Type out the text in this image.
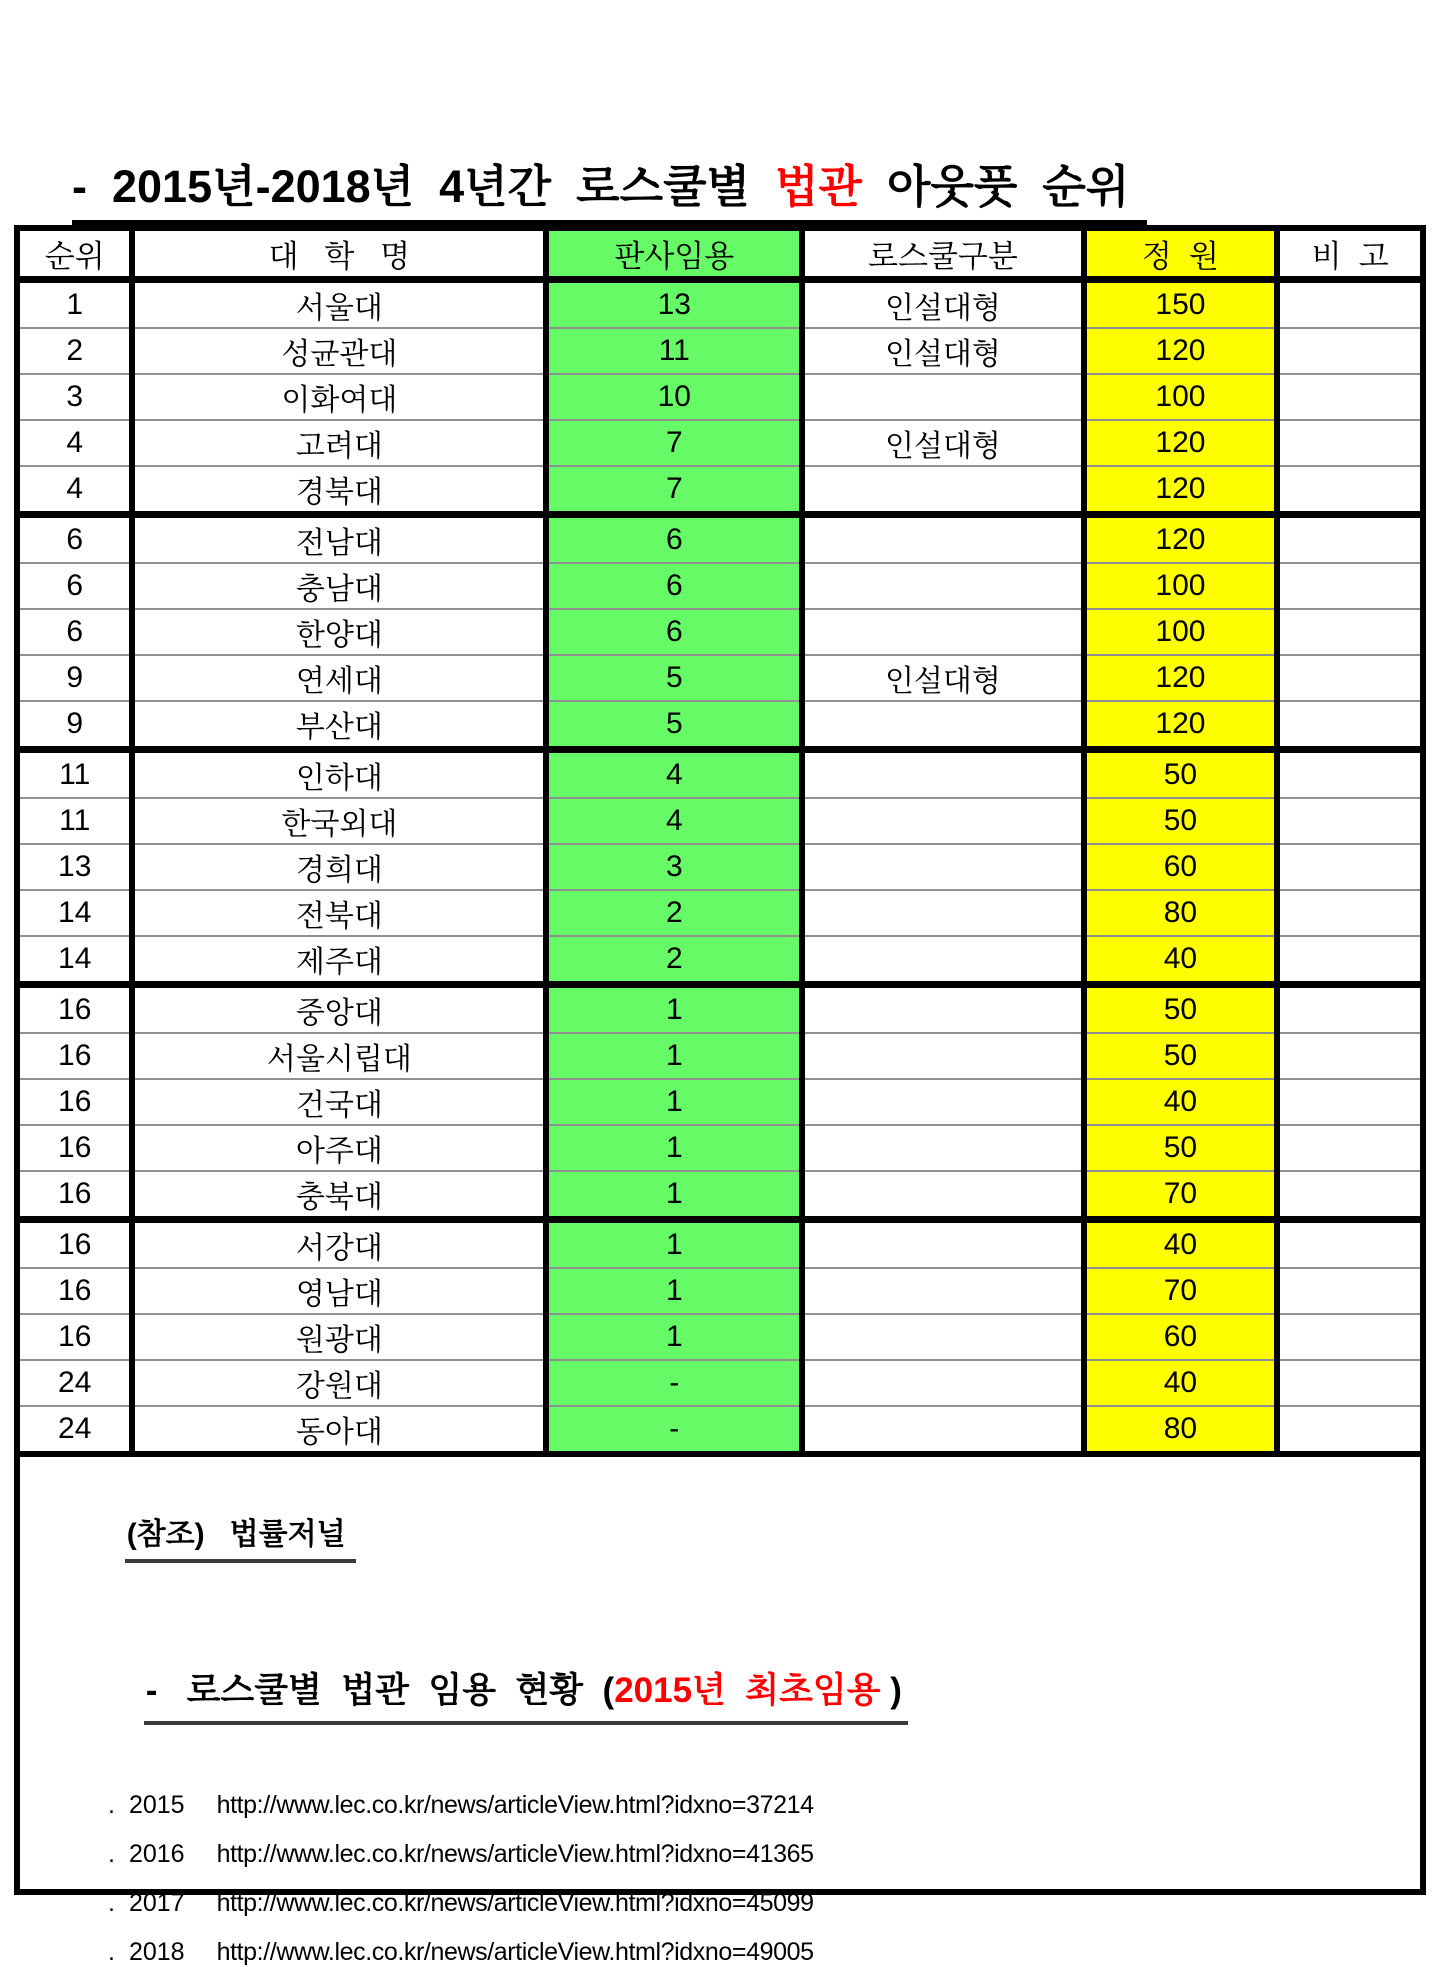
-  2015년-2018년  4년간  로스쿨별  법관  아웃풋  순위

순위	대   학   명	판사임용	로스쿨구분	정  원	비  고
1	서울대	13	인설대형	150	
2	성균관대	11	인설대형	120	
3	이화여대	10		100	
4	고려대	7	인설대형	120	
4	경북대	7		120	
6	전남대	6		120	
6	충남대	6		100	
6	한양대	6		100	
9	연세대	5	인설대형	120	
9	부산대	5		120	
11	인하대	4		50	
11	한국외대	4		50	
13	경희대	3		60	
14	전북대	2		80	
14	제주대	2		40	
16	중앙대	1		50	
16	서울시립대	1		50	
16	건국대	1		40	
16	아주대	1		50	
16	충북대	1		70	
16	서강대	1		40	
16	영남대	1		70	
16	원광대	1		60	
24	강원대	-		40	
24	동아대	-		80	

(참조)   법률저널

-   로스쿨별  법관  임용  현황  (2015년  최초임용 )

. 2015 http://www.lec.co.kr/news/articleView.html?idxno=37214
. 2016 http://www.lec.co.kr/news/articleView.html?idxno=41365
. 2017 http://www.lec.co.kr/news/articleView.html?idxno=45099
. 2018 http://www.lec.co.kr/news/articleView.html?idxno=49005
